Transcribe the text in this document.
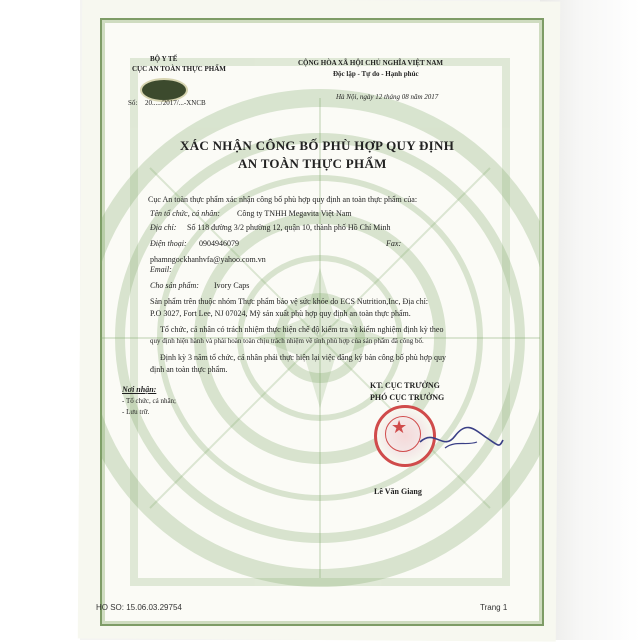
BỘ Y TẾ
CỤC AN TOÀN THỰC PHẨM
Số: 20...../2017/...-XNCB
CỘNG HÒA XÃ HỘI CHỦ NGHĨA VIỆT NAM
Độc lập - Tự do - Hạnh phúc
Hà Nội, ngày 12 tháng 08 năm 2017
XÁC NHẬN CÔNG BỐ PHÙ HỢP QUY ĐỊNH
AN TOÀN THỰC PHẨM
Cục An toàn thực phẩm xác nhận công bố phù hợp quy định an toàn thực phẩm của:
Tên tổ chức, cá nhân: Công ty TNHH Megavita Việt Nam
Địa chỉ: Số 118 đường 3/2 phường 12, quận 10, thành phố Hồ Chí Minh
Điện thoại: 0904946079	Fax:
phamngockhanhvfa@yahoo.com.vn
Email:
Cho sản phẩm: Ivory Caps
Sản phẩm trên thuộc nhóm Thực phẩm bảo vệ sức khỏe do ECS Nutrition,Inc, Địa chỉ:
P.O 3027, Fort Lee, NJ 07024, Mỹ sản xuất phù hợp quy định an toàn thực phẩm.
Tổ chức, cá nhân có trách nhiệm thực hiện chế độ kiểm tra và kiểm nghiệm định kỳ theo
quy định hiện hành và phải hoàn toàn chịu trách nhiệm về tính phù hợp của sản phẩm đã công bố.
Định kỳ 3 năm tổ chức, cá nhân phải thực hiện lại việc đăng ký bản công bố phù hợp quy
định an toàn thực phẩm.
Nơi nhận:
- Tổ chức, cá nhân;
- Lưu trữ.
KT. CỤC TRƯỞNG
PHÓ CỤC TRƯỞNG
★
Lê Văn Giang
HO SO: 15.06.03.29754	Trang 1
